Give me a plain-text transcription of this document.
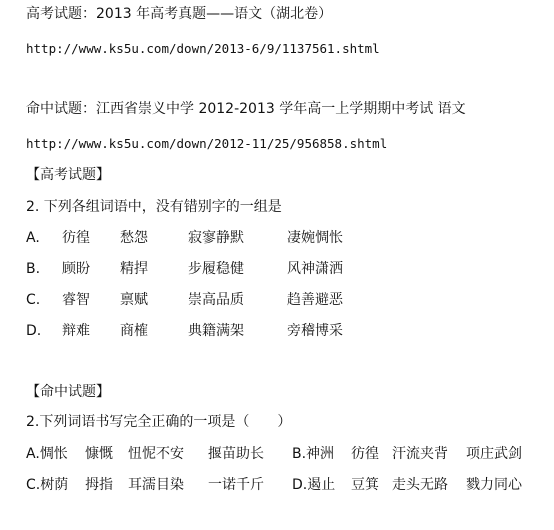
高考试题：2013 年高考真题——语文（湖北卷）
http://www.ks5u.com/down/2013-6/9/1137561.shtml
命中试题：江西省崇义中学 2012-2013 学年高一上学期期中考试 语文
http://www.ks5u.com/down/2012-11/25/956858.shtml
【高考试题】
2. 下列各组词语中，没有错别字的一组是
A. 彷徨 愁怨	寂寥静默	凄婉惆怅
B. 顾盼 精捍	步履稳健	风神潇洒
C. 睿智 禀赋	崇高品质	趋善避恶
D. 辩难 商榷	典籍满架	旁稽博采
【命中试题】
2.下列词语书写完全正确的一项是（　　）
A.惆怅 慷慨 忸怩不安 揠苗助长 B.神洲 彷徨 汗流夹背 项庄武剑
C.树荫 拇指 耳濡目染 一诺千斤 D.遏止 豆箕 走头无路 戮力同心
